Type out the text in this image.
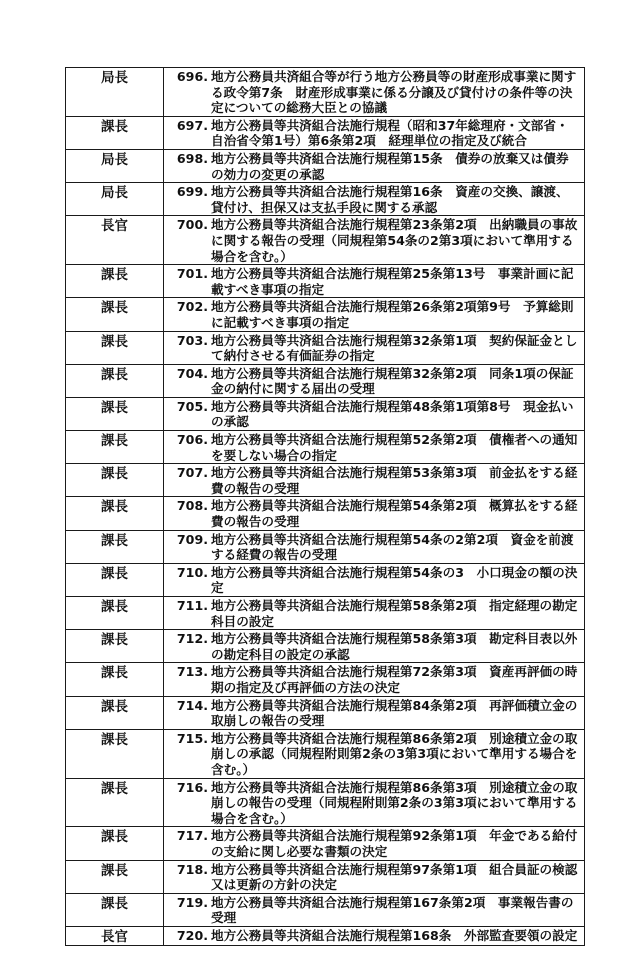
局長	696. 地方公務員共済組合等が行う地方公務員等の財産形成事業に関する政令第7条　財産形成事業に係る分譲及び貸付けの条件等の決定についての総務大臣との協議

課長	697. 地方公務員等共済組合法施行規程（昭和37年総理府・文部省・自治省令第1号）第6条第2項　経理単位の指定及び統合

局長	698. 地方公務員等共済組合法施行規程第15条　債券の放棄又は債券の効力の変更の承認

局長	699. 地方公務員等共済組合法施行規程第16条　資産の交換、譲渡、貸付け、担保又は支払手段に関する承認

長官	700. 地方公務員等共済組合法施行規程第23条第2項　出納職員の事故に関する報告の受理（同規程第54条の2第3項において準用する場合を含む。）

課長	701. 地方公務員等共済組合法施行規程第25条第13号　事業計画に記載すべき事項の指定

課長	702. 地方公務員等共済組合法施行規程第26条第2項第9号　予算総則に記載すべき事項の指定

課長	703. 地方公務員等共済組合法施行規程第32条第1項　契約保証金として納付させる有価証券の指定

課長	704. 地方公務員等共済組合法施行規程第32条第2項　同条1項の保証金の納付に関する届出の受理

課長	705. 地方公務員等共済組合法施行規程第48条第1項第8号　現金払いの承認

課長	706. 地方公務員等共済組合法施行規程第52条第2項　債権者への通知を要しない場合の指定

課長	707. 地方公務員等共済組合法施行規程第53条第3項　前金払をする経費の報告の受理

課長	708. 地方公務員等共済組合法施行規程第54条第2項　概算払をする経費の報告の受理

課長	709. 地方公務員等共済組合法施行規程第54条の2第2項　資金を前渡する経費の報告の受理

課長	710. 地方公務員等共済組合法施行規程第54条の3　小口現金の額の決定

課長	711. 地方公務員等共済組合法施行規程第58条第2項　指定経理の勘定科目の設定

課長	712. 地方公務員等共済組合法施行規程第58条第3項　勘定科目表以外の勘定科目の設定の承認

課長	713. 地方公務員等共済組合法施行規程第72条第3項　資産再評価の時期の指定及び再評価の方法の決定

課長	714. 地方公務員等共済組合法施行規程第84条第2項　再評価積立金の取崩しの報告の受理

課長	715. 地方公務員等共済組合法施行規程第86条第2項　別途積立金の取崩しの承認（同規程附則第2条の3第3項において準用する場合を含む。）

課長	716. 地方公務員等共済組合法施行規程第86条第3項　別途積立金の取崩しの報告の受理（同規程附則第2条の3第3項において準用する場合を含む。）

課長	717. 地方公務員等共済組合法施行規程第92条第1項　年金である給付の支給に関し必要な書類の決定

課長	718. 地方公務員等共済組合法施行規程第97条第1項　組合員証の検認又は更新の方針の決定

課長	719. 地方公務員等共済組合法施行規程第167条第2項　事業報告書の受理

長官	720. 地方公務員等共済組合法施行規程第168条　外部監査要領の設定
